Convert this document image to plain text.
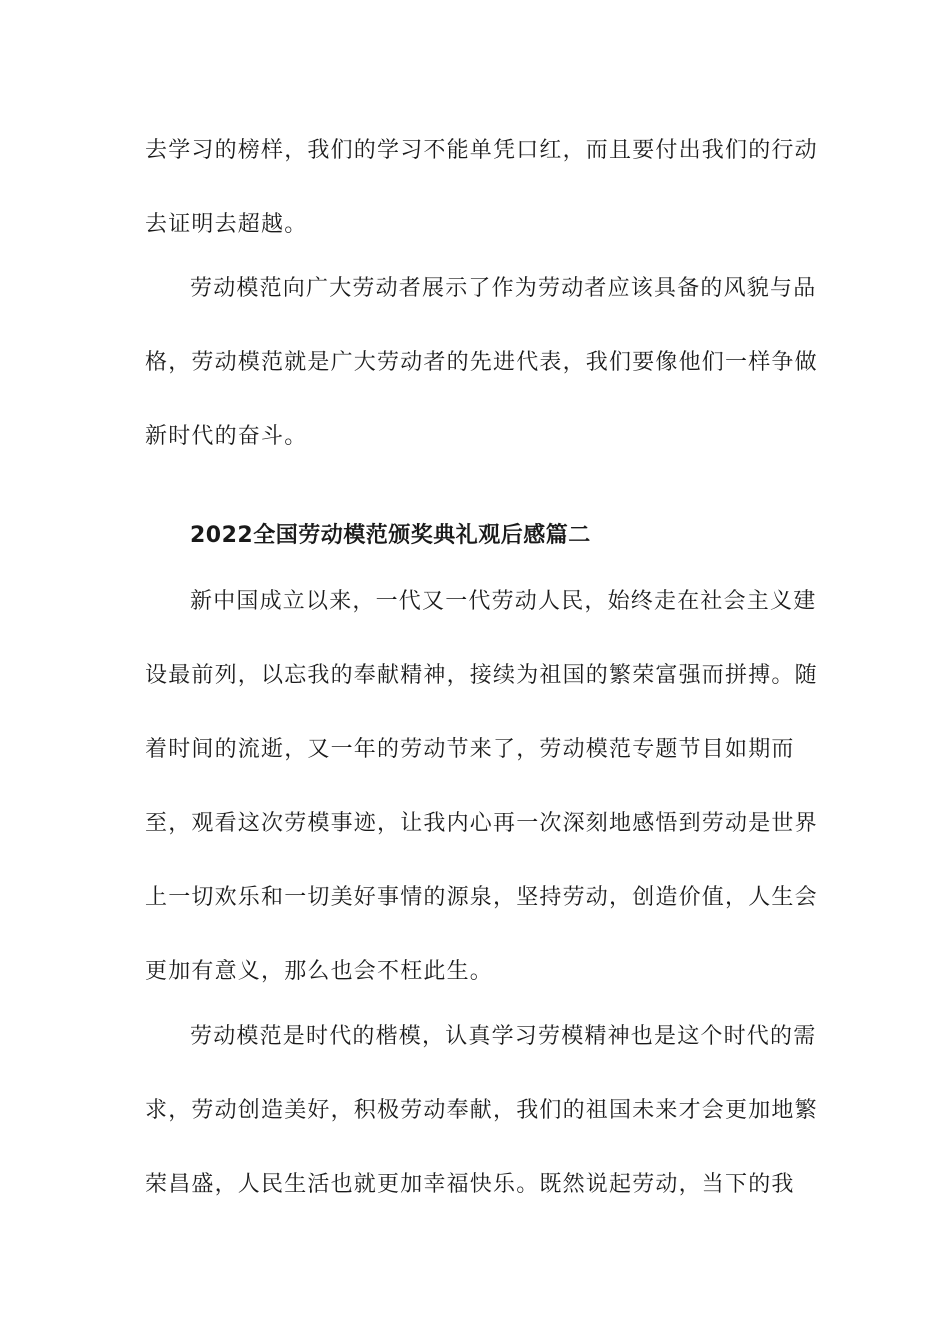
去学习的榜样，我们的学习不能单凭口红，而且要付出我们的行动
去证明去超越。
劳动模范向广大劳动者展示了作为劳动者应该具备的风貌与品
格，劳动模范就是广大劳动者的先进代表，我们要像他们一样争做
新时代的奋斗。
2022全国劳动模范颁奖典礼观后感篇二
新中国成立以来，一代又一代劳动人民，始终走在社会主义建
设最前列，以忘我的奉献精神，接续为祖国的繁荣富强而拼搏。随
着时间的流逝，又一年的劳动节来了，劳动模范专题节目如期而
至，观看这次劳模事迹，让我内心再一次深刻地感悟到劳动是世界
上一切欢乐和一切美好事情的源泉，坚持劳动，创造价值，人生会
更加有意义，那么也会不枉此生。
劳动模范是时代的楷模，认真学习劳模精神也是这个时代的需
求，劳动创造美好，积极劳动奉献，我们的祖国未来才会更加地繁
荣昌盛，人民生活也就更加幸福快乐。既然说起劳动，当下的我
